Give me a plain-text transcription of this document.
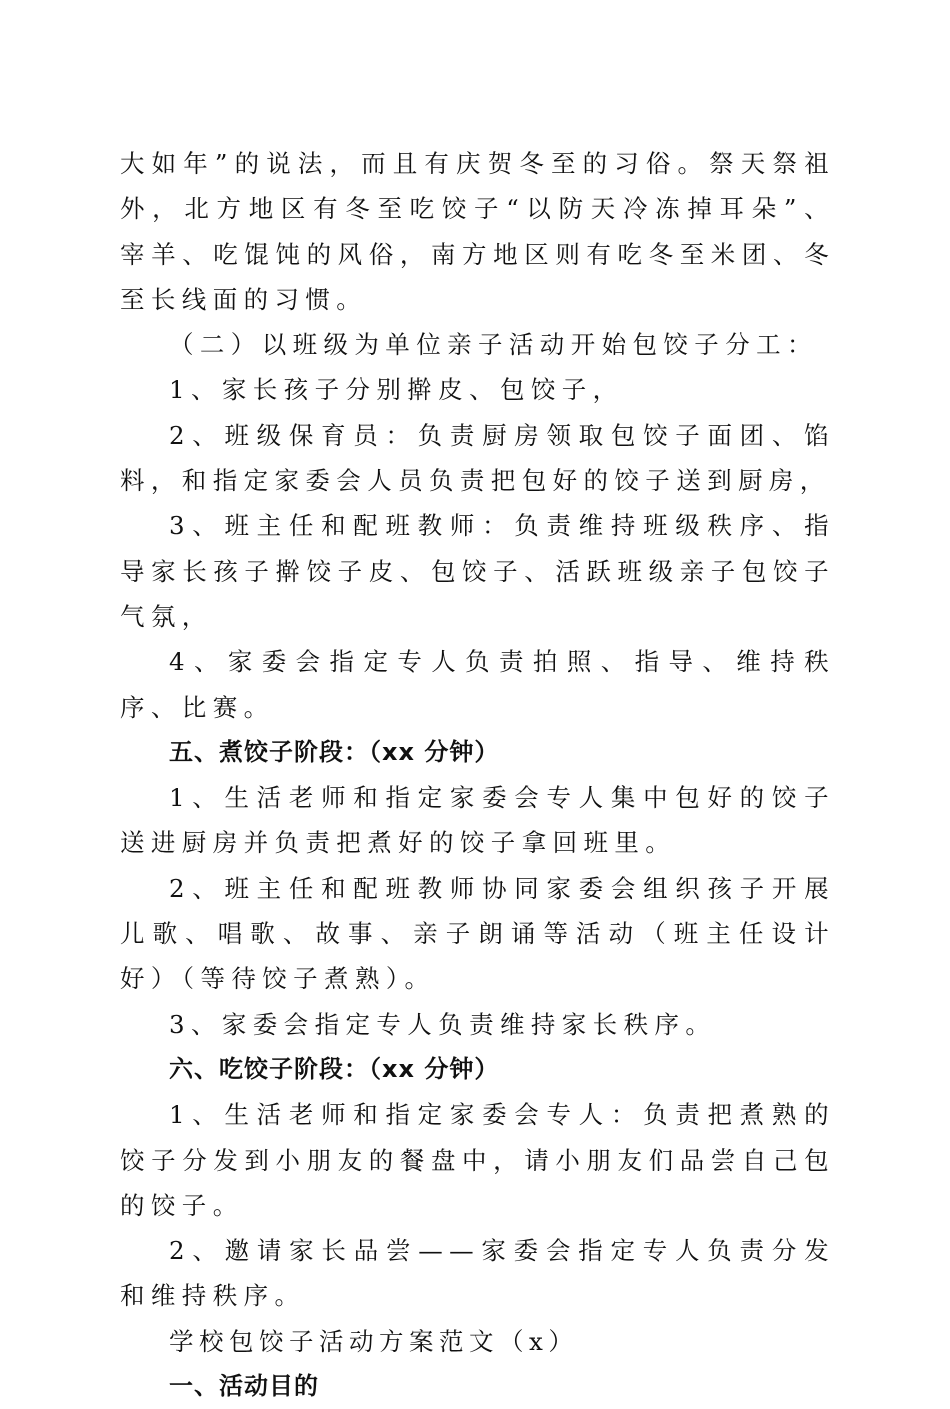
大如年”的说法，而且有庆贺冬至的习俗。祭天祭祖外，北方地区有冬至吃饺子“以防天冷冻掉耳朵”、宰羊、吃馄饨的风俗，南方地区则有吃冬至米团、冬至长线面的习惯。

（二）以班级为单位亲子活动开始包饺子分工：

1、家长孩子分别擀皮、包饺子，

2、班级保育员：负责厨房领取包饺子面团、馅料，和指定家委会人员负责把包好的饺子送到厨房，

3、班主任和配班教师：负责维持班级秩序、指导家长孩子擀饺子皮、包饺子、活跃班级亲子包饺子气氛，

4、家委会指定专人负责拍照、指导、维持秩序、比赛。

五、煮饺子阶段：（xx 分钟）

1、生活老师和指定家委会专人集中包好的饺子送进厨房并负责把煮好的饺子拿回班里。

2、班主任和配班教师协同家委会组织孩子开展儿歌、唱歌、故事、亲子朗诵等活动（班主任设计好）（等待饺子煮熟）。

3、家委会指定专人负责维持家长秩序。

六、吃饺子阶段：（xx 分钟）

1、生活老师和指定家委会专人：负责把煮熟的饺子分发到小朋友的餐盘中，请小朋友们品尝自己包的饺子。

2、邀请家长品尝——家委会指定专人负责分发和维持秩序。

学校包饺子活动方案范文（x）

一、活动目的
